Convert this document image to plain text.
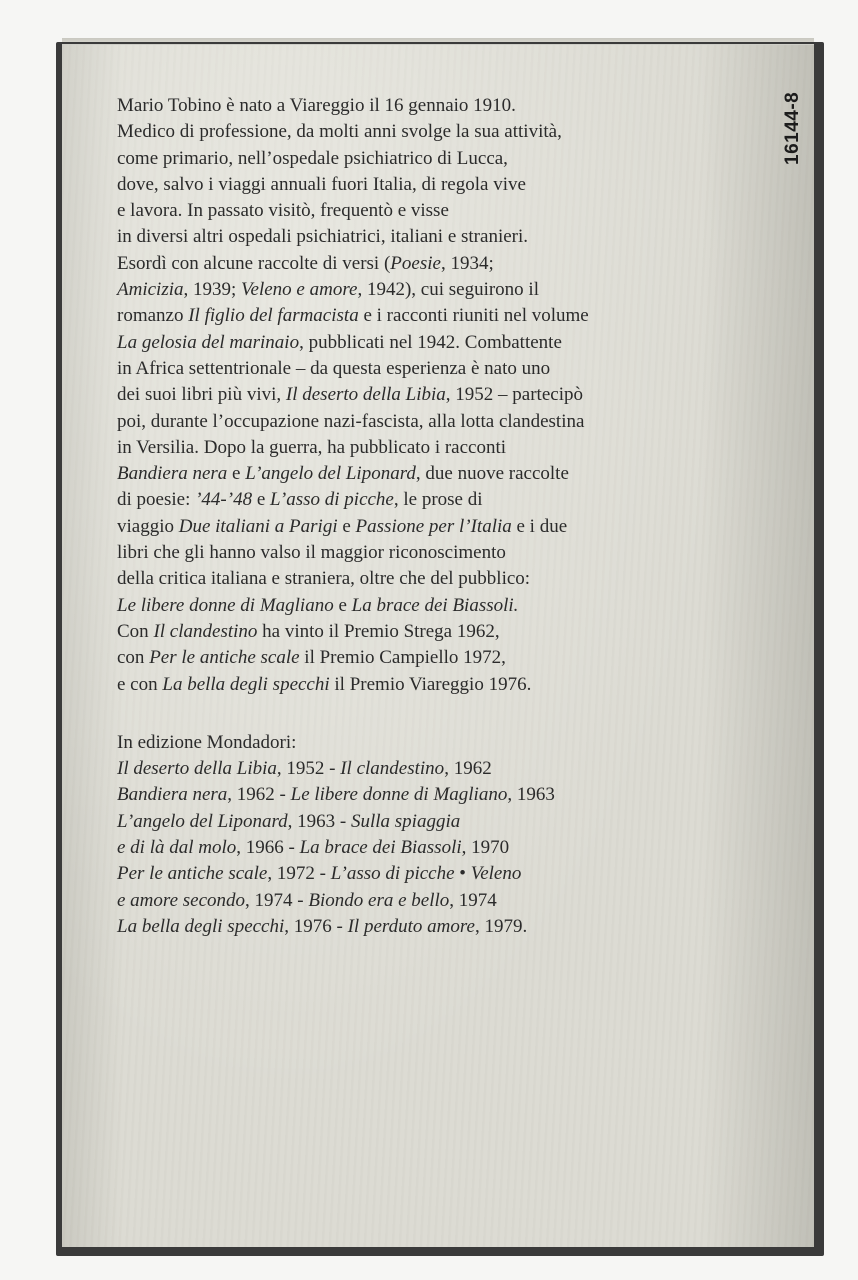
16144-8
Mario Tobino è nato a Viareggio il 16 gennaio 1910.
Medico di professione, da molti anni svolge la sua attività,
come primario, nell’ospedale psichiatrico di Lucca,
dove, salvo i viaggi annuali fuori Italia, di regola vive
e lavora. In passato visitò, frequentò e visse
in diversi altri ospedali psichiatrici, italiani e stranieri.
Esordì con alcune raccolte di versi (Poesie, 1934;
Amicizia, 1939; Veleno e amore, 1942), cui seguirono il
romanzo Il figlio del farmacista e i racconti riuniti nel volume
La gelosia del marinaio, pubblicati nel 1942. Combattente
in Africa settentrionale – da questa esperienza è nato uno
dei suoi libri più vivi, Il deserto della Libia, 1952 – partecipò
poi, durante l’occupazione nazi-fascista, alla lotta clandestina
in Versilia. Dopo la guerra, ha pubblicato i racconti
Bandiera nera e L’angelo del Liponard, due nuove raccolte
di poesie: ’44-’48 e L’asso di picche, le prose di
viaggio Due italiani a Parigi e Passione per l’Italia e i due
libri che gli hanno valso il maggior riconoscimento
della critica italiana e straniera, oltre che del pubblico:
Le libere donne di Magliano e La brace dei Biassoli.
Con Il clandestino ha vinto il Premio Strega 1962,
con Per le antiche scale il Premio Campiello 1972,
e con La bella degli specchi il Premio Viareggio 1976.
In edizione Mondadori:
Il deserto della Libia, 1952 - Il clandestino, 1962
Bandiera nera, 1962 - Le libere donne di Magliano, 1963
L’angelo del Liponard, 1963 - Sulla spiaggia
e di là dal molo, 1966 - La brace dei Biassoli, 1970
Per le antiche scale, 1972 - L’asso di picche • Veleno
e amore secondo, 1974 - Biondo era e bello, 1974
La bella degli specchi, 1976 - Il perduto amore, 1979.
